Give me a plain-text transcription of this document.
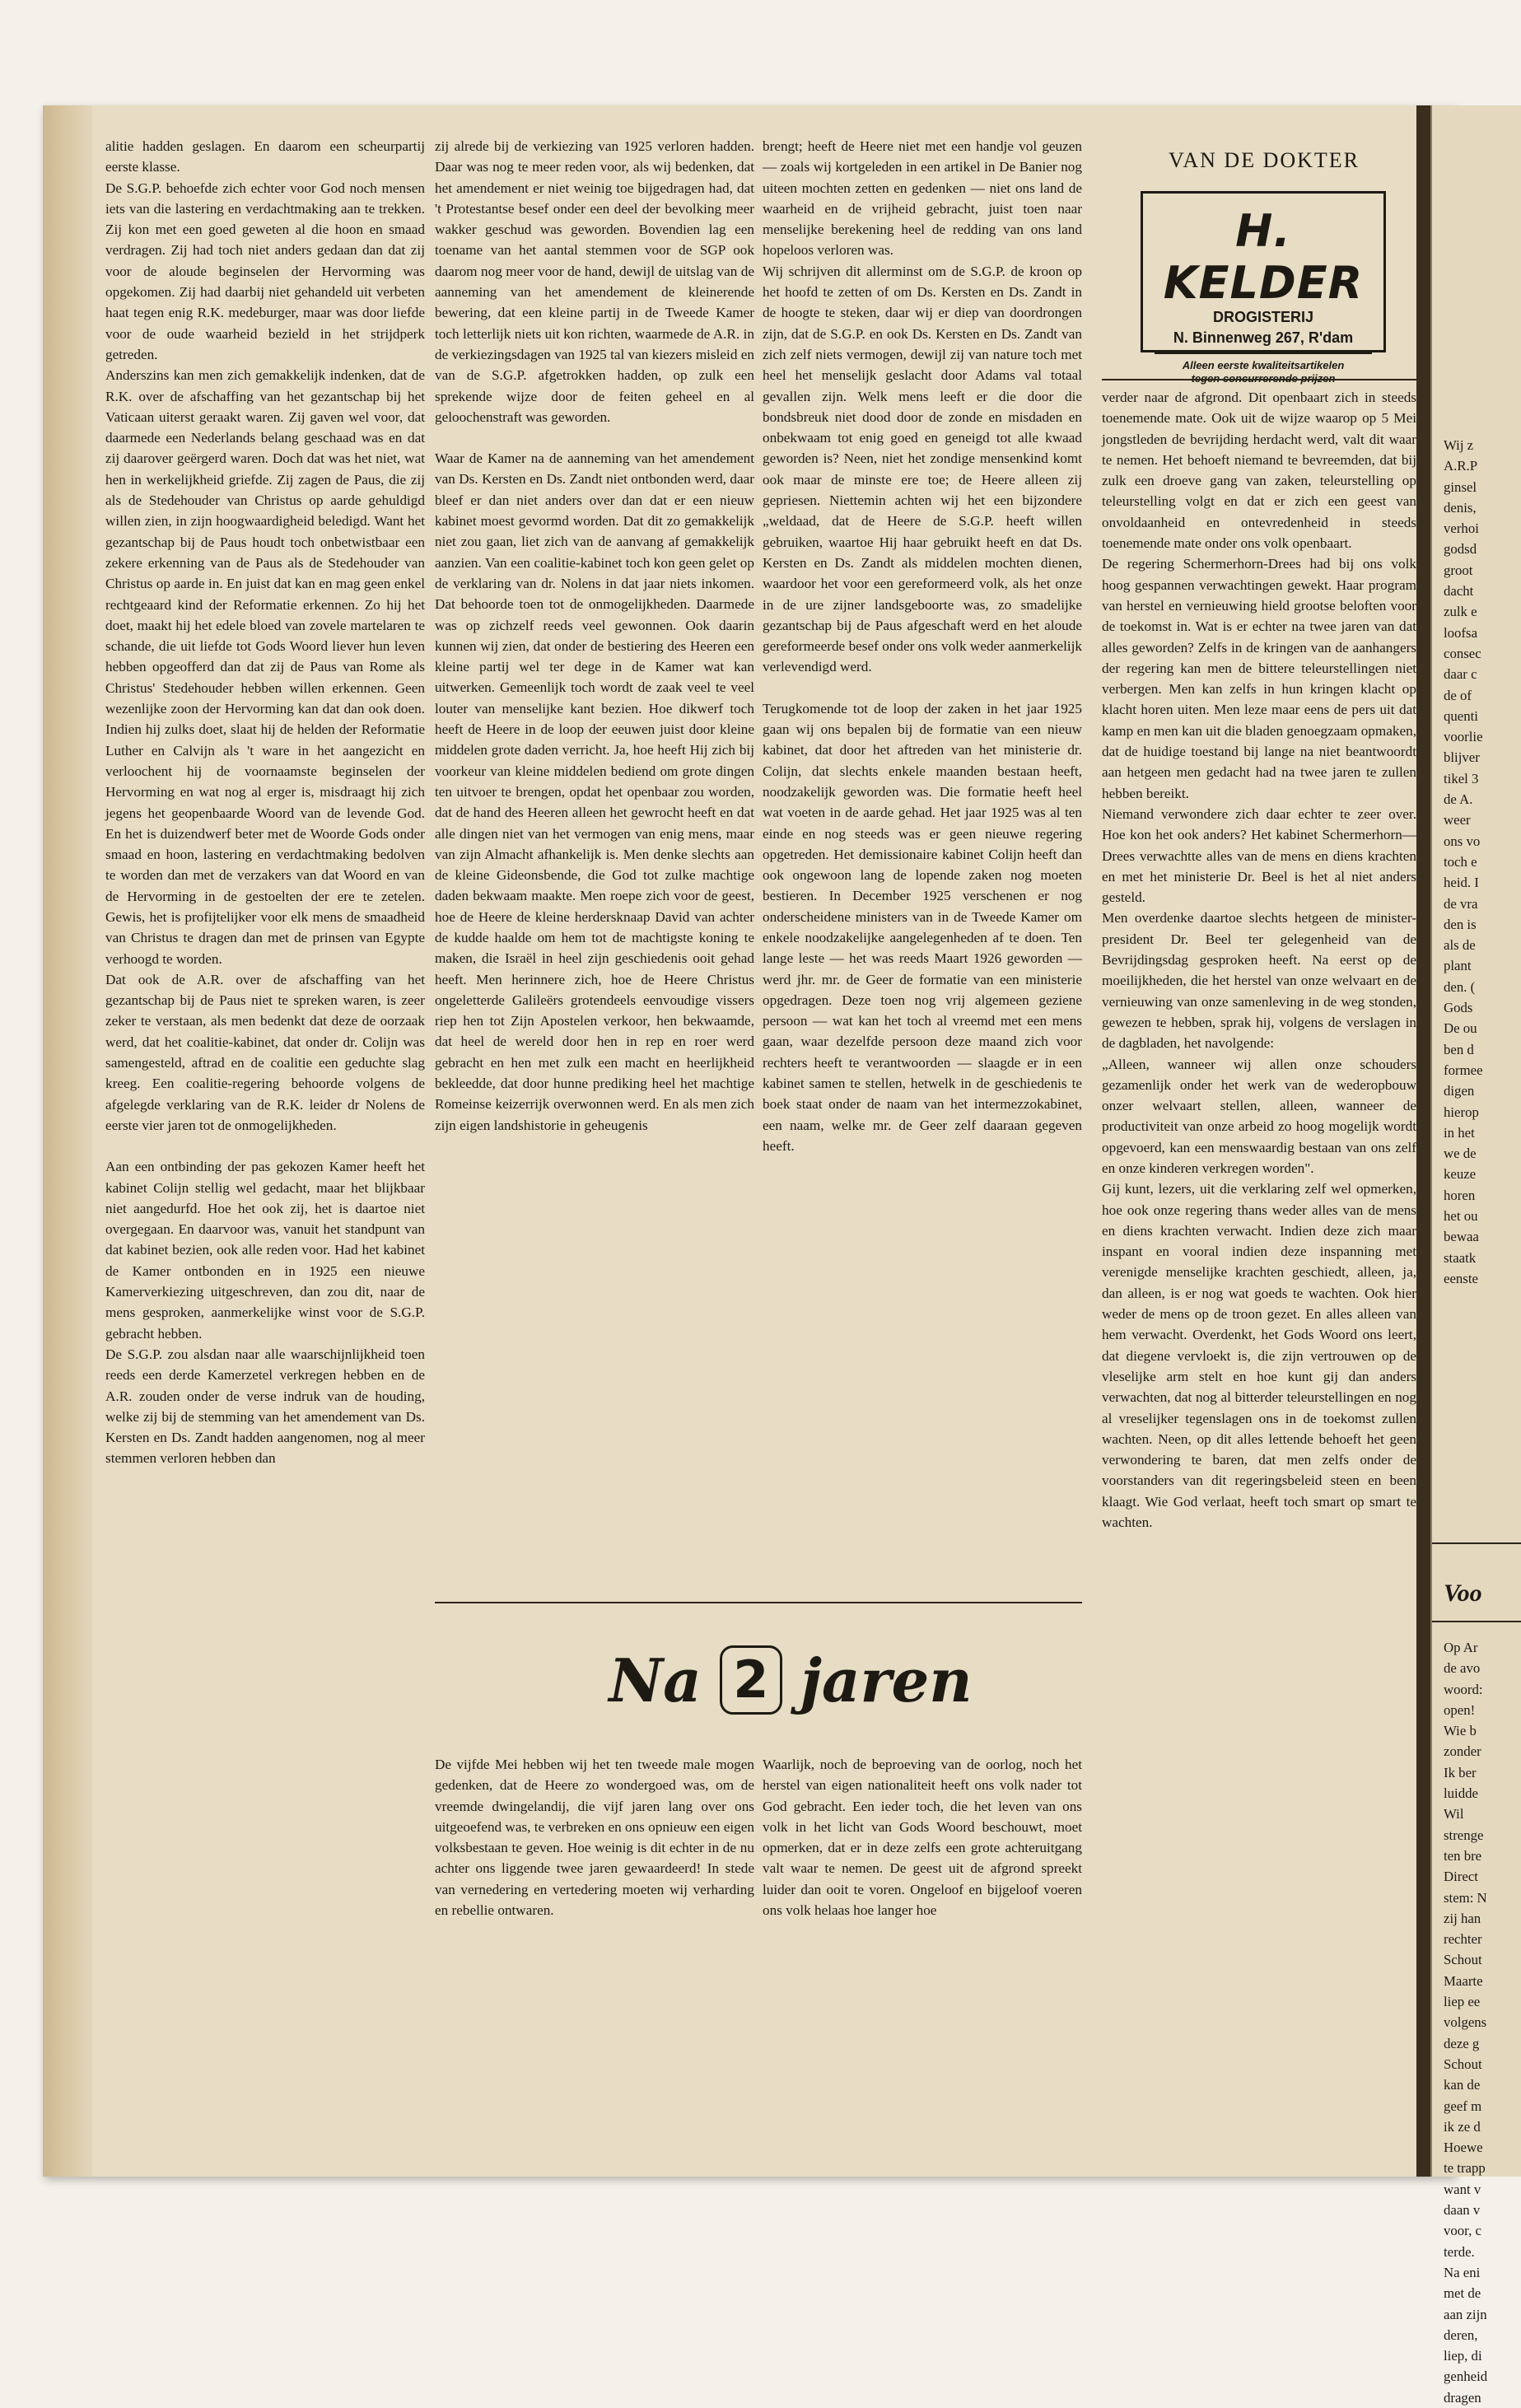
alitie hadden geslagen. En daarom een scheurpartij eerste klasse.

De S.G.P. behoefde zich echter voor God noch mensen iets van die lastering en verdachtmaking aan te trekken. Zij kon met een goed geweten al die hoon en smaad verdragen. Zij had toch niet anders gedaan dan dat zij voor de aloude beginselen der Hervorming was opgekomen. Zij had daarbij niet gehandeld uit verbeten haat tegen enig R.K. medeburger, maar was door liefde voor de oude waarheid bezield in het strijdperk getreden.

Anderszins kan men zich gemakkelijk indenken, dat de R.K. over de afschaffing van het gezantschap bij het Vaticaan uiterst geraakt waren. Zij gaven wel voor, dat daarmede een Nederlands belang geschaad was en dat zij daarover geërgerd waren. Doch dat was het niet, wat hen in werkelijkheid griefde. Zij zagen de Paus, die zij als de Stedehouder van Christus op aarde gehuldigd willen zien, in zijn hoogwaardigheid beledigd. Want het gezantschap bij de Paus houdt toch onbetwistbaar een zekere erkenning van de Paus als de Stedehouder van Christus op aarde in. En juist dat kan en mag geen enkel rechtgeaard kind der Reformatie erkennen. Zo hij het doet, maakt hij het edele bloed van zovele martelaren te schande, die uit liefde tot Gods Woord liever hun leven hebben opgeofferd dan dat zij de Paus van Rome als Christus' Stedehouder hebben willen erkennen. Geen wezenlijke zoon der Hervorming kan dat dan ook doen. Indien hij zulks doet, slaat hij de helden der Reformatie Luther en Calvijn als 't ware in het aangezicht en verloochent hij de voornaamste beginselen der Hervorming en wat nog al erger is, misdraagt hij zich jegens het geopenbaarde Woord van de levende God. En het is duizendwerf beter met de Woorde Gods onder smaad en hoon, lastering en verdachtmaking bedolven te worden dan met de verzakers van dat Woord en van de Hervorming in de gestoelten der ere te zetelen. Gewis, het is profijtelijker voor elk mens de smaadheid van Christus te dragen dan met de prinsen van Egypte verhoogd te worden.

Dat ook de A.R. over de afschaffing van het gezantschap bij de Paus niet te spreken waren, is zeer zeker te verstaan, als men bedenkt dat deze de oorzaak werd, dat het coalitie-kabinet, dat onder dr. Colijn was samengesteld, aftrad en de coalitie een geduchte slag kreeg. Een coalitie-regering behoorde volgens de afgelegde verklaring van de R.K. leider dr Nolens de eerste vier jaren tot de onmogelijkheden.

Aan een ontbinding der pas gekozen Kamer heeft het kabinet Colijn stellig wel gedacht, maar het blijkbaar niet aangedurfd. Hoe het ook zij, het is daartoe niet overgegaan. En daarvoor was, vanuit het standpunt van dat kabinet bezien, ook alle reden voor. Had het kabinet de Kamer ontbonden en in 1925 een nieuwe Kamerverkiezing uitgeschreven, dan zou dit, naar de mens gesproken, aanmerkelijke winst voor de S.G.P. gebracht hebben.

De S.G.P. zou alsdan naar alle waarschijnlijkheid toen reeds een derde Kamerzetel verkregen hebben en de A.R. zouden onder de verse indruk van de houding, welke zij bij de stemming van het amendement van Ds. Kersten en Ds. Zandt hadden aangenomen, nog al meer stemmen verloren hebben dan

zij alrede bij de verkiezing van 1925 verloren hadden. Daar was nog te meer reden voor, als wij bedenken, dat het amendement er niet weinig toe bijgedragen had, dat 't Protestantse besef onder een deel der bevolking meer wakker geschud was geworden. Bovendien lag een toename van het aantal stemmen voor de SGP ook daarom nog meer voor de hand, dewijl de uitslag van de aanneming van het amendement de kleinerende bewering, dat een kleine partij in de Tweede Kamer toch letterlijk niets uit kon richten, waarmede de A.R. in de verkiezingsdagen van 1925 tal van kiezers misleid en van de S.G.P. afgetrokken hadden, op zulk een sprekende wijze door de feiten geheel en al geloochenstraft was geworden.

Waar de Kamer na de aanneming van het amendement van Ds. Kersten en Ds. Zandt niet ontbonden werd, daar bleef er dan niet anders over dan dat er een nieuw kabinet moest gevormd worden. Dat dit zo gemakkelijk niet zou gaan, liet zich van de aanvang af gemakkelijk aanzien. Van een coalitie-kabinet toch kon geen gelet op de verklaring van dr. Nolens in dat jaar niets inkomen. Dat behoorde toen tot de onmogelijkheden. Daarmede was op zichzelf reeds veel gewonnen. Ook daarin kunnen wij zien, dat onder de bestiering des Heeren een kleine partij wel ter dege in de Kamer wat kan uitwerken. Gemeenlijk toch wordt de zaak veel te veel louter van menselijke kant bezien. Hoe dikwerf toch heeft de Heere in de loop der eeuwen juist door kleine middelen grote daden verricht. Ja, hoe heeft Hij zich bij voorkeur van kleine middelen bediend om grote dingen ten uitvoer te brengen, opdat het openbaar zou worden, dat de hand des Heeren alleen het gewrocht heeft en dat alle dingen niet van het vermogen van enig mens, maar van zijn Almacht afhankelijk is. Men denke slechts aan de kleine Gideonsbende, die God tot zulke machtige daden bekwaam maakte. Men roepe zich voor de geest, hoe de Heere de kleine herdersknaap David van achter de kudde haalde om hem tot de machtigste koning te maken, die Israël in heel zijn geschiedenis ooit gehad heeft. Men herinnere zich, hoe de Heere Christus ongeletterde Galileërs grotendeels eenvoudige vissers riep hen tot Zijn Apostelen verkoor, hen bekwaamde, dat heel de wereld door hen in rep en roer werd gebracht en hen met zulk een macht en heerlijkheid bekleedde, dat door hunne prediking heel het machtige Romeinse keizerrijk overwonnen werd. En als men zich zijn eigen landshistorie in geheugenis

brengt; heeft de Heere niet met een handje vol geuzen — zoals wij kortgeleden in een artikel in De Banier nog uiteen mochten zetten en gedenken — niet ons land de waarheid en de vrijheid gebracht, juist toen naar menselijke berekening heel de redding van ons land hopeloos verloren was.

Wij schrijven dit allerminst om de S.G.P. de kroon op het hoofd te zetten of om Ds. Kersten en Ds. Zandt in de hoogte te steken, daar wij er diep van doordrongen zijn, dat de S.G.P. en ook Ds. Kersten en Ds. Zandt van zich zelf niets vermogen, dewijl zij van nature toch met heel het menselijk geslacht door Adams val totaal gevallen zijn. Welk mens leeft er die door die bondsbreuk niet dood door de zonde en misdaden en onbekwaam tot enig goed en geneigd tot alle kwaad geworden is? Neen, niet het zondige mensenkind komt ook maar de minste ere toe; de Heere alleen zij gepriesen. Niettemin achten wij het een bijzondere „weldaad, dat de Heere de S.G.P. heeft willen gebruiken, waartoe Hij haar gebruikt heeft en dat Ds. Kersten en Ds. Zandt als middelen mochten dienen, waardoor het voor een gereformeerd volk, als het onze in de ure zijner landsgeboorte was, zo smadelijke gezantschap bij de Paus afgeschaft werd en het aloude gereformeerde besef onder ons volk weder aanmerkelijk verlevendigd werd.

Terugkomende tot de loop der zaken in het jaar 1925 gaan wij ons bepalen bij de formatie van een nieuw kabinet, dat door het aftreden van het ministerie dr. Colijn, dat slechts enkele maanden bestaan heeft, noodzakelijk geworden was. Die formatie heeft heel wat voeten in de aarde gehad. Het jaar 1925 was al ten einde en nog steeds was er geen nieuwe regering opgetreden. Het demissionaire kabinet Colijn heeft dan ook ongewoon lang de lopende zaken nog moeten bestieren. In December 1925 verschenen er nog onderscheidene ministers van in de Tweede Kamer om enkele noodzakelijke aangelegenheden af te doen. Ten lange leste — het was reeds Maart 1926 geworden — werd jhr. mr. de Geer de formatie van een ministerie opgedragen. Deze toen nog vrij algemeen geziene persoon — wat kan het toch al vreemd met een mens gaan, waar dezelfde persoon deze maand zich voor rechters heeft te verantwoorden — slaagde er in een kabinet samen te stellen, hetwelk in de geschiedenis te boek staat onder de naam van het intermezzokabinet, een naam, welke mr. de Geer zelf daaraan gegeven heeft.

VAN DE DOKTER
H. KELDER
DROGISTERIJ
N. Binnenweg 267, R'dam
Alleen eerste kwaliteitsartikelen

verder naar de afgrond. Dit openbaart zich in steeds toenemende mate. Ook uit de wijze waarop op 5 Mei jongstleden de bevrijding herdacht werd, valt dit waar te nemen. Het behoeft niemand te bevreemden, dat bij zulk een droeve gang van zaken, teleurstelling op teleurstelling volgt en dat er zich een geest van onvoldaanheid en ontevredenheid in steeds toenemende mate onder ons volk openbaart.

De regering Schermerhorn-Drees had bij ons volk hoog gespannen verwachtingen gewekt. Haar program van herstel en vernieuwing hield grootse beloften voor de toekomst in. Wat is er echter na twee jaren van dat alles geworden? Zelfs in de kringen van de aanhangers der regering kan men de bittere teleurstellingen niet verbergen. Men kan zelfs in hun kringen klacht op klacht horen uiten. Men leze maar eens de pers uit dat kamp en men kan uit die bladen genoegzaam opmaken, dat de huidige toestand bij lange na niet beantwoordt aan hetgeen men gedacht had na twee jaren te zullen hebben bereikt.

Niemand verwondere zich daar echter te zeer over. Hoe kon het ook anders? Het kabinet Schermerhorn—Drees verwachtte alles van de mens en diens krachten en met het ministerie Dr. Beel is het al niet anders gesteld.

Men overdenke daartoe slechts hetgeen de minister-president Dr. Beel ter gelegenheid van de Bevrijdingsdag gesproken heeft. Na eerst op de moeilijkheden, die het herstel van onze welvaart en de vernieuwing van onze samenleving in de weg stonden, gewezen te hebben, sprak hij, volgens de verslagen in de dagbladen, het navolgende:

„Alleen, wanneer wij allen onze schouders gezamenlijk onder het werk van de wederopbouw onzer welvaart stellen, alleen, wanneer de productiviteit van onze arbeid zo hoog mogelijk wordt opgevoerd, kan een menswaardig bestaan van ons zelf en onze kinderen verkregen worden".

Gij kunt, lezers, uit die verklaring zelf wel opmerken, hoe ook onze regering thans weder alles van de mens en diens krachten verwacht. Indien deze zich maar inspant en vooral indien deze inspanning met verenigde menselijke krachten geschiedt, alleen, ja, dan alleen, is er nog wat goeds te wachten. Ook hier weder de mens op de troon gezet. En alles alleen van hem verwacht. Overdenkt, het Gods Woord ons leert, dat diegene vervloekt is, die zijn vertrouwen op de vleselijke arm stelt en hoe kunt gij dan anders verwachten, dat nog al bitterder teleurstellingen en nog al vreselijker tegenslagen ons in de toekomst zullen wachten. Neen, op dit alles lettende behoeft het geen verwondering te baren, dat men zelfs onder de voorstanders van dit regeringsbeleid steen en been klaagt. Wie God verlaat, heeft toch smart op smart te wachten.

Na 2 jaren

De vijfde Mei hebben wij het ten tweede male mogen gedenken, dat de Heere zo wondergoed was, om de vreemde dwingelandij, die vijf jaren lang over ons uitgeoefend was, te verbreken en ons opnieuw een eigen volksbestaan te geven. Hoe weinig is dit echter in de nu achter ons liggende twee jaren gewaardeerd! In stede van vernedering en vertedering moeten wij verharding en rebellie ontwaren.

Waarlijk, noch de beproeving van de oorlog, noch het herstel van eigen nationaliteit heeft ons volk nader tot God gebracht. Een ieder toch, die het leven van ons volk in het licht van Gods Woord beschouwt, moet opmerken, dat er in deze zelfs een grote achteruitgang valt waar te nemen. De geest uit de afgrond spreekt luider dan ooit te voren. Ongeloof en bijgeloof voeren ons volk helaas hoe langer hoe

Wij z
A.R.P
ginsel
denis,
verhoi
godsd
groot
dacht
zulk e
loofsa
consec
daar c
de of
quenti
voorlie
blijver
tikel 3
de A.
weer
ons vo
toch e
heid. I
de vra
den is
als de
plant
den. (
Gods
De ou
ben d
formee
digen
hierop
in het
we de
keuze
horen
het ou
bewaa
staatk
eenste
Voo
Op Ar
de avo
woord:
open!
Wie b
zonder
Ik ber
luidde
Wil
strenge
ten bre
Direct
stem: N
zij han
rechter
Schout
Maarte
liep ee
volgens
deze g
Schout
kan de
geef m
ik ze d
Hoewe
te trapp
want v
daan v
voor, c
terde.
Na eni
met de
aan zijn
deren,
liep, di
genheid
dragen
